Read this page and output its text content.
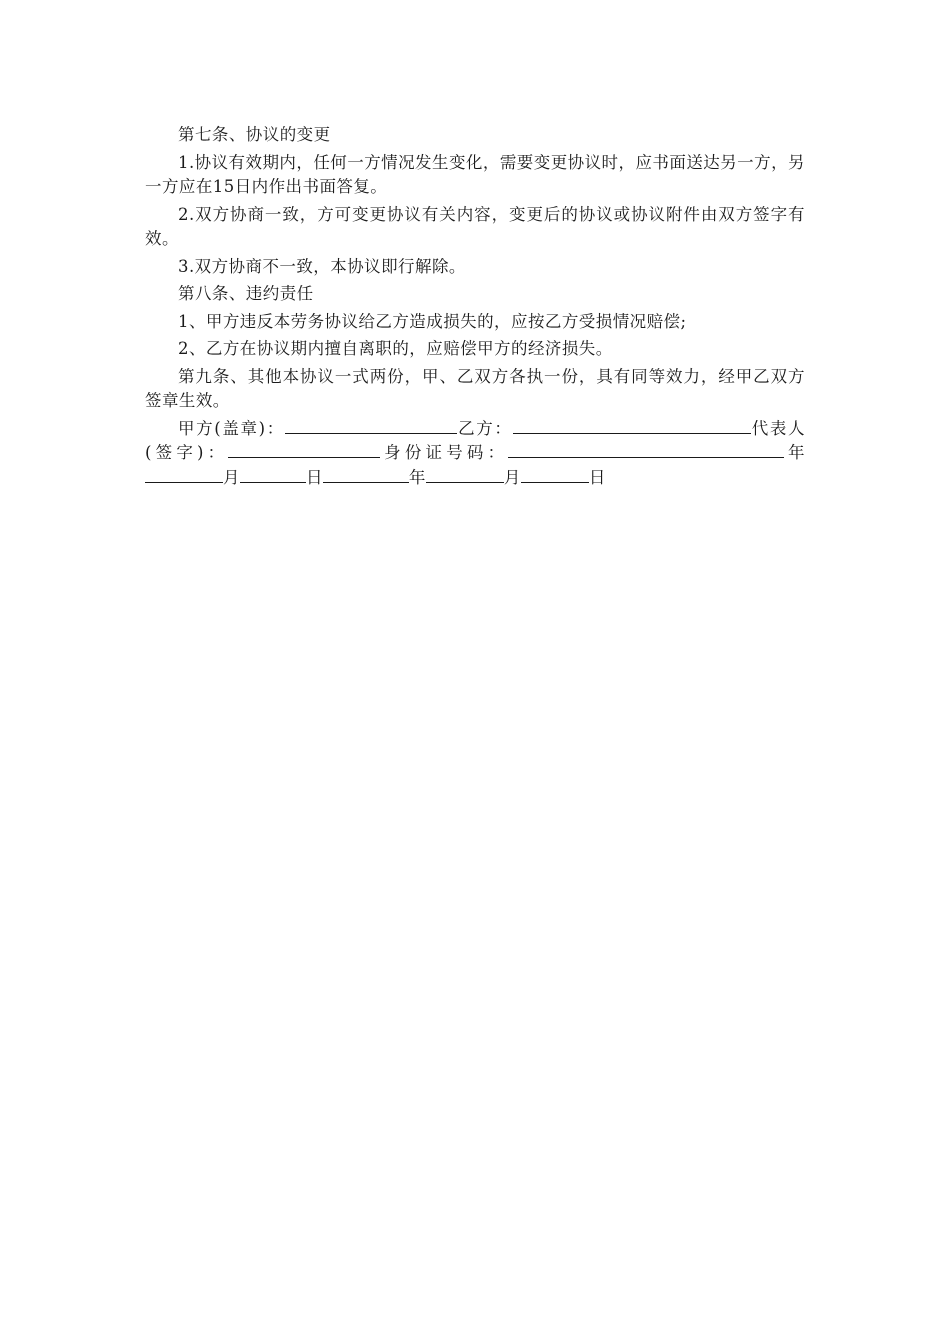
第七条、协议的变更

1.协议有效期内，任何一方情况发生变化，需要变更协议时，应书面送达另一方，另一方应在15日内作出书面答复。

2.双方协商一致，方可变更协议有关内容，变更后的协议或协议附件由双方签字有效。

3.双方协商不一致，本协议即行解除。

第八条、违约责任

1、甲方违反本劳务协议给乙方造成损失的，应按乙方受损情况赔偿;

2、乙方在协议期内擅自离职的，应赔偿甲方的经济损失。

第九条、其他本协议一式两份，甲、乙双方各执一份，具有同等效力，经甲乙双方签章生效。

甲方(盖章)：	乙方：	代表人(签字)：	身份证号码：	年月	日	年	月	日
